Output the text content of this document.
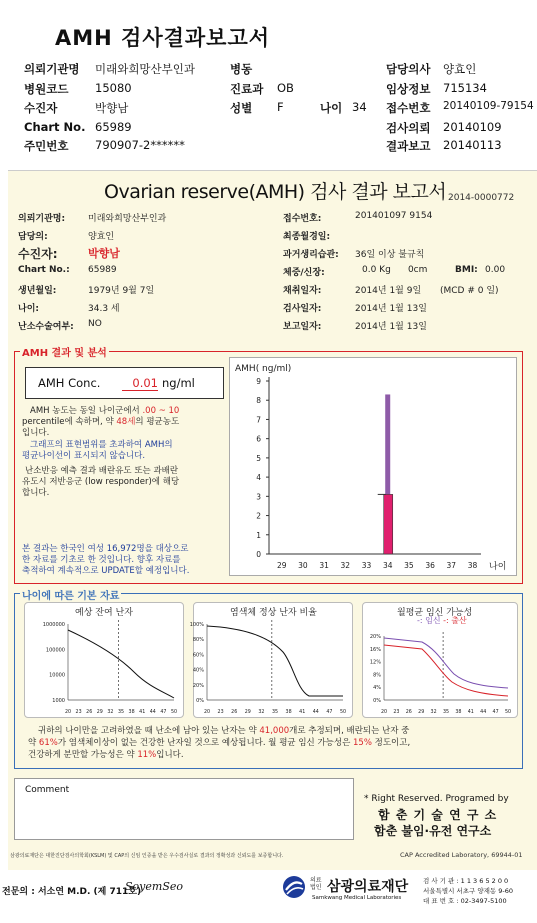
AMH 검사결과보고서
의뢰기관명 미래와희망산부인과	병동	담당의사 양효인
병원코드 15080	진료과 OB	임상정보 715134
수진자	박향남	성별 F	나이 34 접수번호 20140109-79154
Chart No. 65989	검사의뢰 20140109
주민번호 790907-2******	결과보고 20140113
Ovarian reserve(AMH) 검사 결과 보고서 2014-0000772
의뢰기관명:	미래와희망산부인과
담당의:	양효인
수진자:	박향남
Chart No.: 65989
생년월일:	1979년 9월 7일
나이:	34.3 세
난소수술여부: NO
접수번호:	201401097 9154
최종월경일:
과거생리습관: 36일 이상 불규칙
체중/신장:	0.0 Kg      0cm	BMI: 0.00
채취일자:	2014년 1월 9일 (MCD # 0 일)
검사일자:	2014년 1월 13일
보고일자:	2014년 1월 13일
AMH 결과 및 분석
AMH Conc.	0.01 ng/ml
AMH 농도는 동일 나이군에서 .00 ~ 10
percentile에 속하며, 약 48세의 평균농도
입니다.
그래프의 표현범위를 초과하여 AMH의
평균나이선이 표시되지 않습니다.
난소반응 예측 결과 배란유도 또는 과배란
유도시 저반응군 (low responder)에 해당
합니다.
본 결과는 한국인 여성 16,972명을 대상으로
한 자료를 기초로 한 것입니다. 향후 자료를
축적하여 계속적으로 UPDATE할 예정입니다.
AMH( ng/ml)
0
1
2
3
4
5
6
7
8
9
29 30 31 32 33 34 35 36 37 38 나이
나이에 따른 기본 자료
예상 잔여 난자	염색체 정상 난자 비율	월평균 임신 가능성
-: 임신 -: 출산
1000000
100000
10000
1000
20 23 26 29 32 35 38 41 44 47 50
100%
80%
60%
40%
20%
0%
20 23 26 29 32 35 38 41 44 47 50
20%
16%
12%
8%
4%
0%
20 23 26 29 32 35 38 41 44 47 50
귀하의 나이만을 고려하였을 때 난소에 남아 있는 난자는 약 41,000개로 추정되며, 배란되는 난자 중
약 61%가 염색체이상이 없는 건강한 난자일 것으로 예상됩니다. 월 평균 임신 가능성은 15% 정도이고,
건강하게 분만할 가능성은 약 11%입니다.
Comment
* Right Reserved. Programed by
함 춘 기 술 연 구 소
함춘 불임·유전 연구소
삼광의료재단은 대한진단검사의학회(KSLM) 및 CAP의 신임 인증을 받은 우수검사실로 결과의 정확성과 신뢰도를 보증합니다.	CAP Accredited Laboratory, 69944-01
전문의 : 서소연 M.D. (제 711호)
SoyemSeo	의료법인 삼광의료재단
Samkwang Medical Laboratories
검 사 기 관 : 1 1 3 6 5 2 0 0
서울특별시 서초구 양재동 9-60
대 표 번 호 : 02-3497-5100
